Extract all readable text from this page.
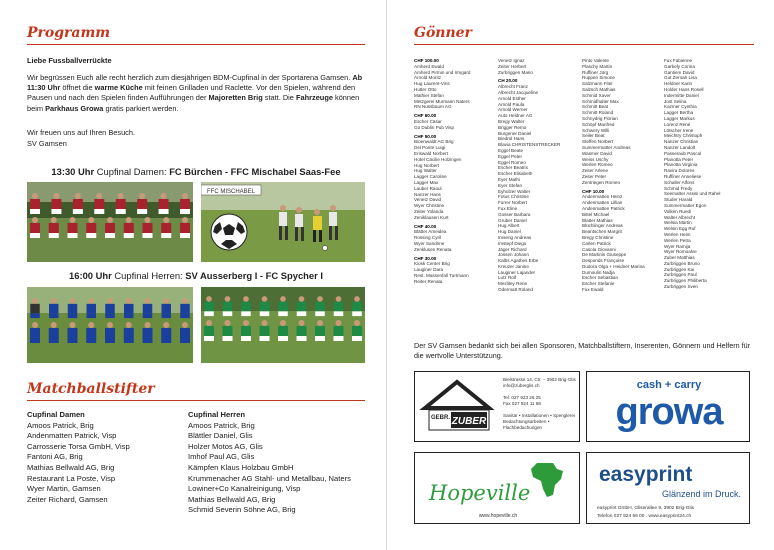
Programm
Liebe Fussballverrückte
Wir begrüssen Euch alle recht herzlich zum diesjährigen BDM-Cupfinal in der Sportarena Gamsen. Ab 11:30 Uhr öffnet die warme Küche mit feinen Grilladen und Raclette. Vor den Spielen, während den Pausen und nach den Spielen finden Aufführungen der Majoretten Brig statt. Die Fahrzeuge können beim Parkhaus Growa gratis parkiert werden.
Wir freuen uns auf Ihren Besuch.
SV Gamsen
13:30 Uhr Cupfinal Damen: FC Bürchen - FFC Mischabel Saas-Fee
FFC MISCHABEL
16:00 Uhr Cupfinal Herren: SV Ausserberg I - FC Spycher I
Matchballstifter
Cupfinal Damen
Amoos Patrick, Brig
Andenmatten Patrick, Visp
Carrosserie Torsa GmbH, Visp
Fantoni AG, Brig
Mathias Bellwald AG, Brig
Restaurant La Poste, Visp
Wyer Martin, Gamsen
Zeiter Richard, Gamsen
Cupfinal Herren
Amoos Patrick, Brig
Blättler Daniel, Glis
Holzer Motos AG, Glis
Imhof Paul AG, Glis
Kämpfen Klaus Holzbau GmbH
Krummenacher AG Stahl- und Metallbau, Naters
Lowiner+Co Kanalreinigung, Visp
Mathias Bellwald AG, Brig
Schmid Severin Söhne AG, Brig
Gönner
CHF 100.00
Amherd Ewald
Amherd Pirmin und Irmgard
Arnold Moritz
Hug Laurent-Vins
Hutter Otto
Mathier Stefan
Metzgerei Murmann Naters
RN Nussbaum AG
CHF 60.00
Escher Cäsar
Go Dublin Pub Visp
CHF 50.00
Bioenwaldt AG Brig
Del Ponte Luigi
Eriswald Norbert
Hotel Cäcilie Holzingen
Hug Norbert
Hug Walter
Lagger Caroline
Lagger Max
Lauber Raoul
Nanzer Hans
Venetz David
Wyer Christine
Zeiter Yolanda
Zeniklausen Kurt
CHF 40.00
Blätter Ameidea
Rossing Cyril
Wyer Sandrine
Zenklusen Renata
CHF 30.00
Kiosk Center Brig
Lauginer Dara
Rest. Massenfall Turtmann
Reiter Renata
Venetz Ignaz
Zeiter Herbert
Zurbriggen Mario
CH 20.00
Albrecht Franz
Albrecht Jacqueline
Arnold Esther
Arnold Paula
Arnold Werner
Auto Heldner AG
Bregy Walter
Brigger Remo
Burgener Daniel
Biedrol Hans
Blavia CHRISTENSTRECKER
Eggel Beate
Eggel Peter
Eggel Romeo
Escher Beatrix
Escher Elisabeth
Eyer Mathi
Eyer Stefan
Eyholzer Walter
Fotus Christine
Furrer Norbert
Fux Eline
Gosser Barbara
Gruber Daniel
Hug Albert
Hug Daniel
Imseng Andreas
Imstepf Diego
Jäger Richard
Jossen Johann
Kalbs Agathes Erbe
Kreuzer Janine
Lauginer Lajander
Lutz Rolf
Mezlitey Rene
Odermatt Roland
Pinto Valente
Plaschy Martin
Ruffiner Jürg
Ruppen Simone
Salzmann Fitel
Salzsch Mathias
Schmid Xaver
Schmidhalter Max
Schmitt Beat
Schmitt Roland
Schnydrig Florian
Schöpf Manfred
Schwery Willi
Seiler Beat
Steffen Norbert
Summermatter Andreas
Wasmer David
Weiss Uschy
Werlen Romeo
Zeiter Arlene
Zeiter Peter
Zentriegen Romeo
CHF 10.00
Andenmatten Heinz
Andenmatten Lillian
Andenmatten Patrick
Bittel Michael
Blatter Mathias
Blüchlinger Andreas
Beantschen Margrit
Bregy Christine
Carlen Patrick
Casola Giovanni
De Martinis Giuseppe
Desponds Françoise
Dudora Olga + Heidner Marina
Dumoulin Nadja
Escher Sebastian
Escher Stefanie
Fux Ewald
Fux Fabienne
Garbely Corina
Gantiem David
Gut Zeroah Lisa
Heldner Karin
Holder Hans Rosell
Indermitte Daniel
Jost Selina
Kazmer Cynthia
Lagger Bertha
Lagger Markus
Lorenz René
Lötscher Irene
Meichtry Christoph
Nanzer Christian
Nanzer Landolt
Passeraub Pascal
Planotta Peter
Planotta Virginia
Ravira Dolores
Ruffiner Anneliese
Schaller Alfons
Schmid Fredy
Seematter Assisi und Rahel
Studer Harald
Summermatter Egon
Volken Ruedi
Walter Albrecht
Welsia Martin
Welsin Egg Ruf
Werlen Heim
Werlen Petra
Wyer Ramija
Wyer Romualve
Zuber Matthias
Zurbriggen Bruno
Zurbriggen Kai
Zurbriggen Paul
Zurbriggen Philiberta
Zurbriggen Sven
Der SV Gamsen bedankt sich bei allen Sponsoren, Matchballstiftern, Inserenten, Gönnern und Helfern für die wertvolle Unterstützung.
GEBR. ZUBER
Bielstrasse 14, Ctr. – 3902 Brig-Glis
info@zuberglis.ch

Tel. 027 923 26 25
Fax 027 924 11 88

Sanitär • Installationen • Spenglerei
Bedachtungsarbeiten • Flachbedachungen
cash + carry
growa
Hopeville
www.hopeville.ch
easyprint
Glänzend im Druck.
easyprint GmbH, Gliserallee 9, 3902 Brig-Glis
Telefon 027 924 56 00 . www.easyprint24.ch
